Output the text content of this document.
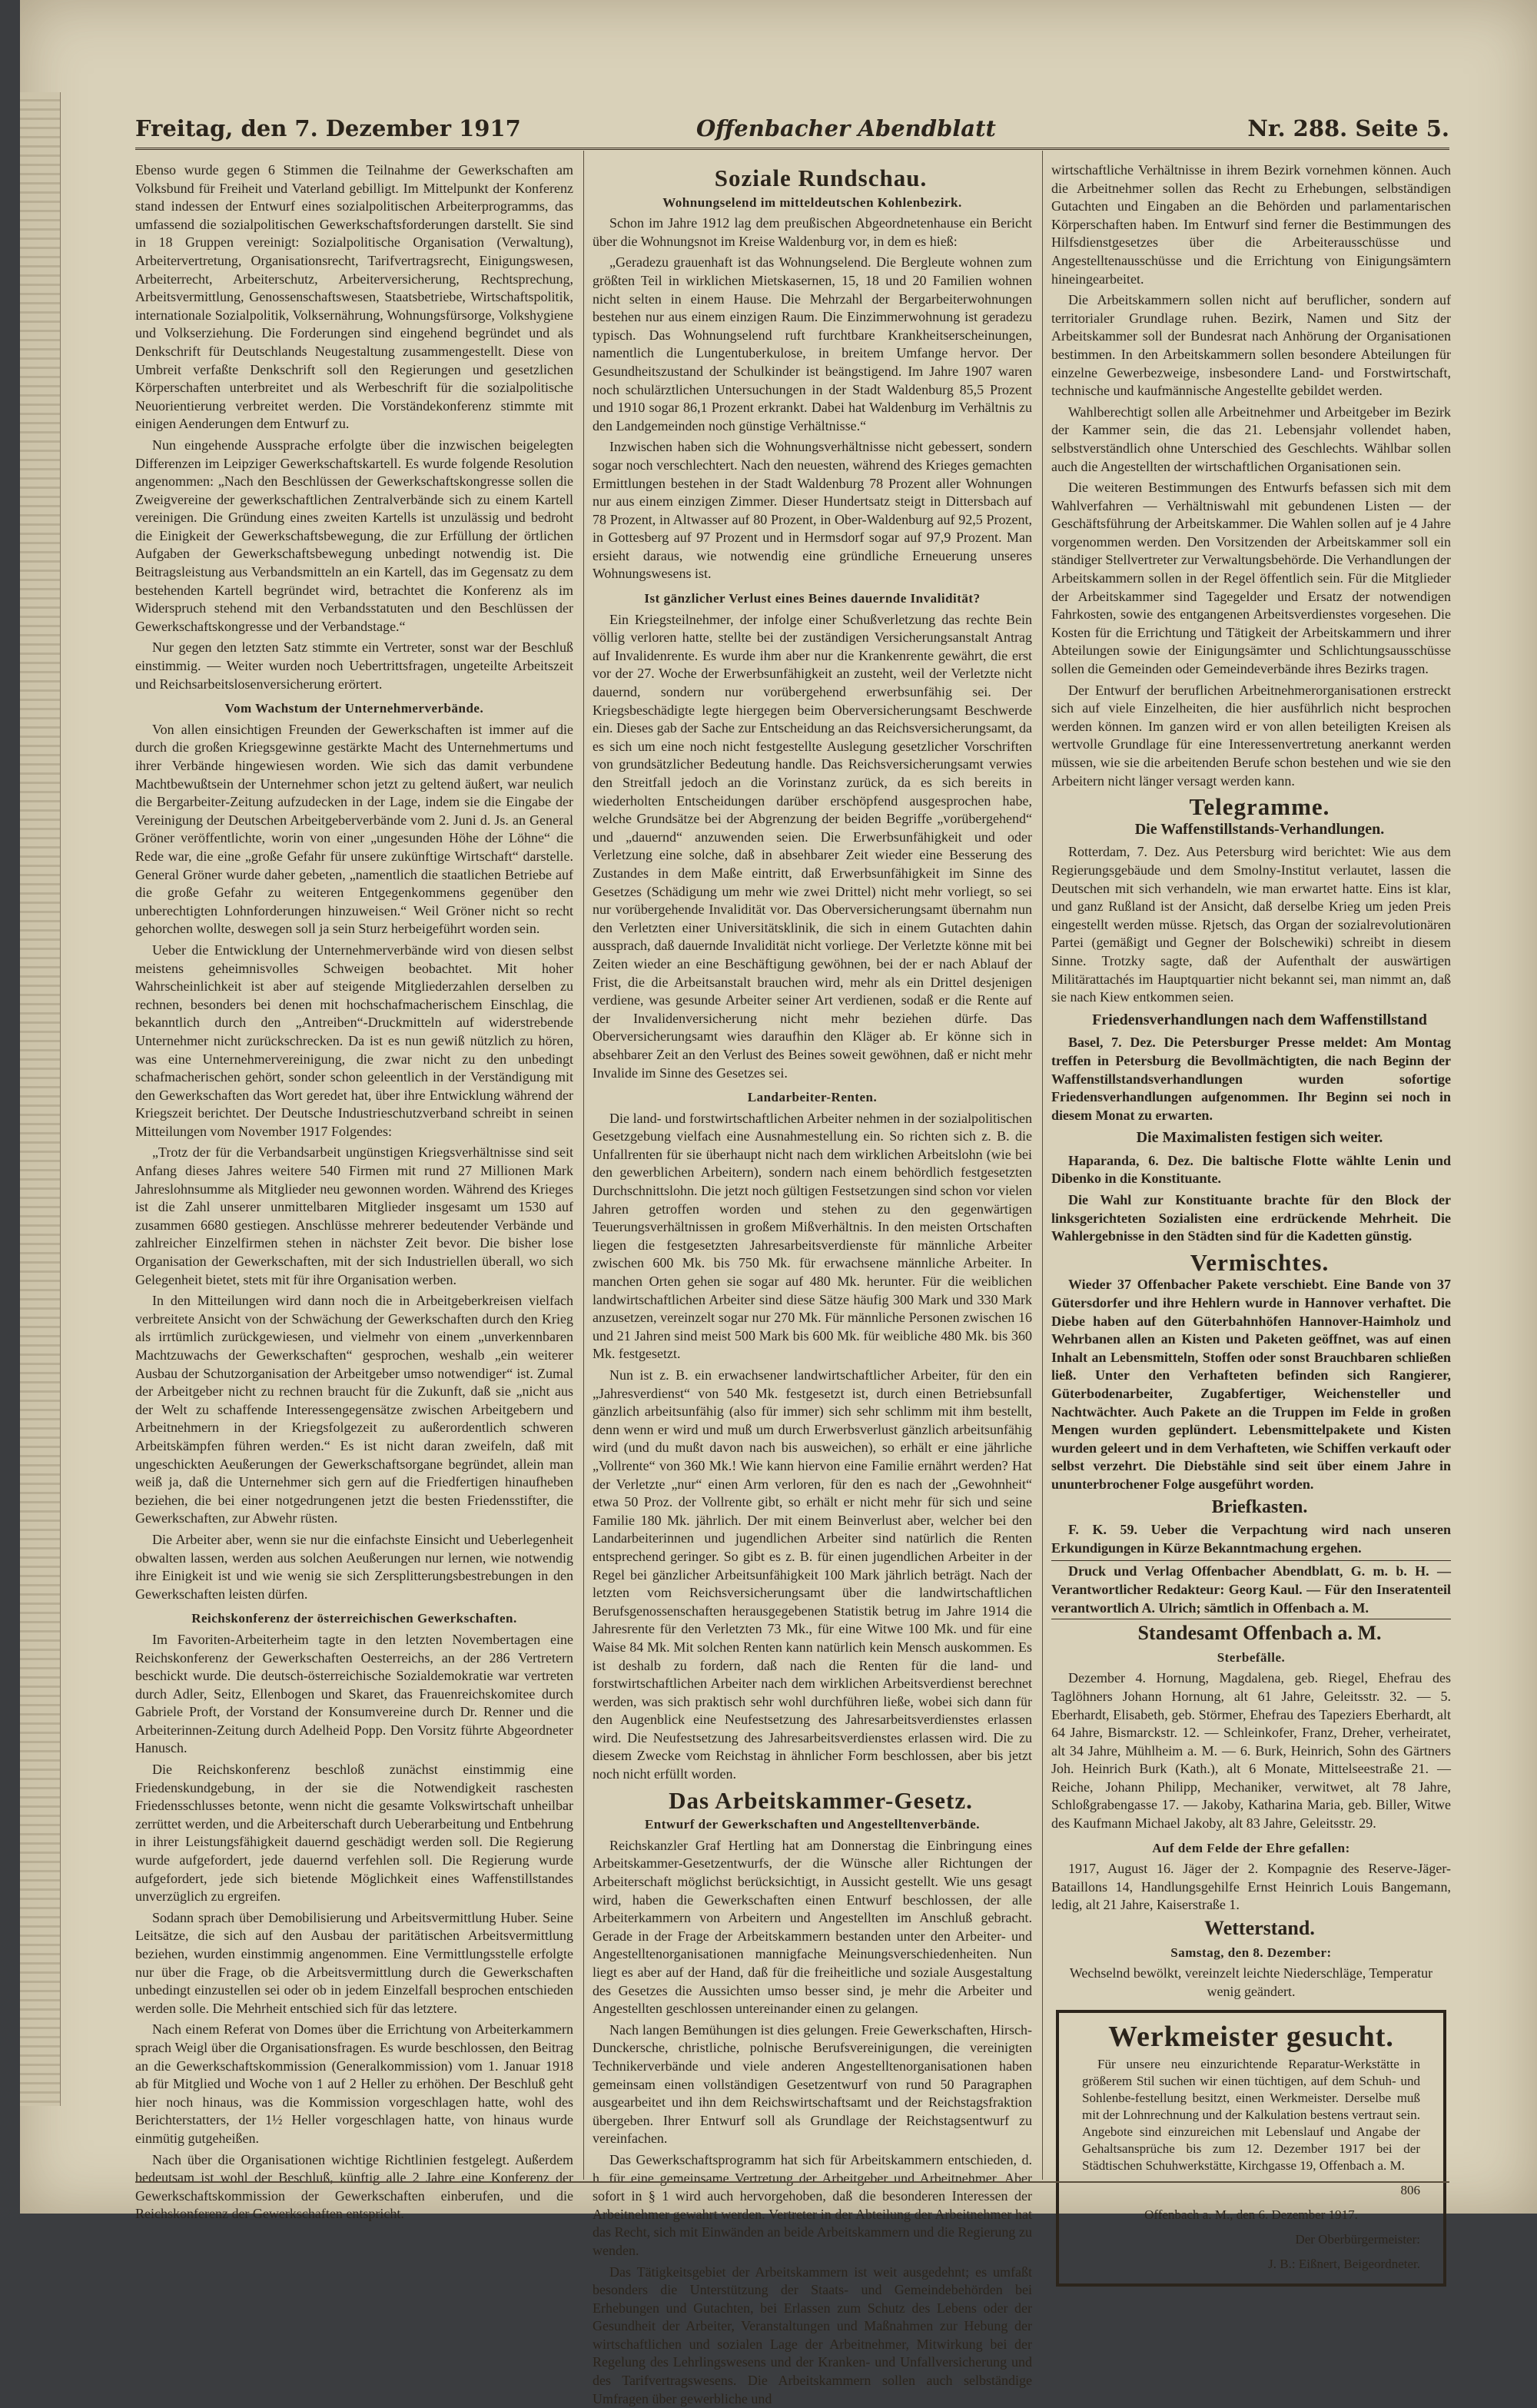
Freitag, den 7. Dezember 1917	Offenbacher Abendblatt	Nr. 288. Seite 5.

Ebenso wurde gegen 6 Stimmen die Teilnahme der Gewerkschaften am Volksbund für Freiheit und Vaterland gebilligt. Im Mittelpunkt der Konferenz stand indessen der Entwurf eines sozialpolitischen Arbeiterprogramms, das umfassend die sozialpolitischen Gewerkschaftsforderungen darstellt. Sie sind in 18 Gruppen vereinigt: Sozialpolitische Organisation (Verwaltung), Arbeitervertretung, Organisationsrecht, Tarifvertragsrecht, Einigungswesen, Arbeiterrecht, Arbeiterschutz, Arbeiterversicherung, Rechtsprechung, Arbeitsvermittlung, Genossenschaftswesen, Staatsbetriebe, Wirtschaftspolitik, internationale Sozialpolitik, Volksernährung, Wohnungsfürsorge, Volkshygiene und Volkserziehung. Die Forderungen sind eingehend begründet und als Denkschrift für Deutschlands Neugestaltung zusammengestellt. Diese von Umbreit verfaßte Denkschrift soll den Regierungen und gesetzlichen Körperschaften unterbreitet und als Werbeschrift für die sozialpolitische Neuorientierung verbreitet werden. Die Vorständekonferenz stimmte mit einigen Aenderungen dem Entwurf zu.

Nun eingehende Aussprache erfolgte über die inzwischen beigelegten Differenzen im Leipziger Gewerkschaftskartell. Es wurde folgende Resolution angenommen: „Nach den Beschlüssen der Gewerkschaftskongresse sollen die Zweigvereine der gewerkschaftlichen Zentralverbände sich zu einem Kartell vereinigen. Die Gründung eines zweiten Kartells ist unzulässig und bedroht die Einigkeit der Gewerkschaftsbewegung, die zur Erfüllung der örtlichen Aufgaben der Gewerkschaftsbewegung unbedingt notwendig ist. Die Beitragsleistung aus Verbandsmitteln an ein Kartell, das im Gegensatz zu dem bestehenden Kartell begründet wird, betrachtet die Konferenz als im Widerspruch stehend mit den Verbandsstatuten und den Beschlüssen der Gewerkschaftskongresse und der Verbandstage.“

Nur gegen den letzten Satz stimmte ein Vertreter, sonst war der Beschluß einstimmig. — Weiter wurden noch Uebertrittsfragen, ungeteilte Arbeitszeit und Reichsarbeitslosenversicherung erörtert.

Vom Wachstum der Unternehmerverbände.

Von allen einsichtigen Freunden der Gewerkschaften ist immer auf die durch die großen Kriegsgewinne gestärkte Macht des Unternehmertums und ihrer Verbände hingewiesen worden. Wie sich das damit verbundene Machtbewußtsein der Unternehmer schon jetzt zu geltend äußert, war neulich die Bergarbeiter-Zeitung aufzudecken in der Lage, indem sie die Eingabe der Vereinigung der Deutschen Arbeitgeberverbände vom 2. Juni d. Js. an General Gröner veröffentlichte, worin von einer „ungesunden Höhe der Löhne“ die Rede war, die eine „große Gefahr für unsere zukünftige Wirtschaft“ darstelle. General Gröner wurde daher gebeten, „namentlich die staatlichen Betriebe auf die große Gefahr zu weiteren Entgegenkommens gegenüber den unberechtigten Lohnforderungen hinzuweisen.“ Weil Gröner nicht so recht gehorchen wollte, deswegen soll ja sein Sturz herbeigeführt worden sein.

Ueber die Entwicklung der Unternehmerverbände wird von diesen selbst meistens geheimnisvolles Schweigen beobachtet. Mit hoher Wahrscheinlichkeit ist aber auf steigende Mitgliederzahlen derselben zu rechnen, besonders bei denen mit hochschafmacherischem Einschlag, die bekanntlich durch den „Antreiben“-Druckmitteln auf widerstrebende Unternehmer nicht zurückschrecken. Da ist es nun gewiß nützlich zu hören, was eine Unternehmervereinigung, die zwar nicht zu den unbedingt schafmacherischen gehört, sonder schon geleentlich in der Verständigung mit den Gewerkschaften das Wort geredet hat, über ihre Entwicklung während der Kriegszeit berichtet. Der Deutsche Industrieschutzverband schreibt in seinen Mitteilungen vom November 1917 Folgendes:

„Trotz der für die Verbandsarbeit ungünstigen Kriegsverhältnisse sind seit Anfang dieses Jahres weitere 540 Firmen mit rund 27 Millionen Mark Jahreslohnsumme als Mitglieder neu gewonnen worden. Während des Krieges ist die Zahl unserer unmittelbaren Mitglieder insgesamt um 1530 auf zusammen 6680 gestiegen. Anschlüsse mehrerer bedeutender Verbände und zahlreicher Einzelfirmen stehen in nächster Zeit bevor. Die bisher lose Organisation der Gewerkschaften, mit der sich Industriellen überall, wo sich Gelegenheit bietet, stets mit für ihre Organisation werben.

In den Mitteilungen wird dann noch die in Arbeitgeberkreisen vielfach verbreitete Ansicht von der Schwächung der Gewerkschaften durch den Krieg als irrtümlich zurückgewiesen, und vielmehr von einem „unverkennbaren Machtzuwachs der Gewerkschaften“ gesprochen, weshalb „ein weiterer Ausbau der Schutzorganisation der Arbeitgeber umso notwendiger“ ist. Zumal der Arbeitgeber nicht zu rechnen braucht für die Zukunft, daß sie „nicht aus der Welt zu schaffende Interessengegensätze zwischen Arbeitgebern und Arbeitnehmern in der Kriegsfolgezeit zu außerordentlich schweren Arbeitskämpfen führen werden.“ Es ist nicht daran zweifeln, daß mit ungeschickten Aeußerungen der Gewerkschaftsorgane begründet, allein man weiß ja, daß die Unternehmer sich gern auf die Friedfertigen hinaufheben beziehen, die bei einer notgedrungenen jetzt die besten Friedensstifter, die Gewerkschaften, zur Abwehr rüsten.

Die Arbeiter aber, wenn sie nur die einfachste Einsicht und Ueberlegenheit obwalten lassen, werden aus solchen Aeußerungen nur lernen, wie notwendig ihre Einigkeit ist und wie wenig sie sich Zersplitterungsbestrebungen in den Gewerkschaften leisten dürfen.

Reichskonferenz der österreichischen Gewerkschaften.

Im Favoriten-Arbeiterheim tagte in den letzten Novembertagen eine Reichskonferenz der Gewerkschaften Oesterreichs, an der 286 Vertretern beschickt wurde. Die deutsch-österreichische Sozialdemokratie war vertreten durch Adler, Seitz, Ellenbogen und Skaret, das Frauenreichskomitee durch Gabriele Proft, der Vorstand der Konsumvereine durch Dr. Renner und die Arbeiterinnen-Zeitung durch Adelheid Popp. Den Vorsitz führte Abgeordneter Hanusch.

Die Reichskonferenz beschloß zunächst einstimmig eine Friedenskundgebung, in der sie die Notwendigkeit raschesten Friedensschlusses betonte, wenn nicht die gesamte Volkswirtschaft unheilbar zerrüttet werden, und die Arbeiterschaft durch Ueberarbeitung und Entbehrung in ihrer Leistungsfähigkeit dauernd geschädigt werden soll. Die Regierung wurde aufgefordert, jede dauernd verfehlen soll. Die Regierung wurde aufgefordert, jede sich bietende Möglichkeit eines Waffenstillstandes unverzüglich zu ergreifen.

Sodann sprach über Demobilisierung und Arbeitsvermittlung Huber. Seine Leitsätze, die sich auf den Ausbau der paritätischen Arbeitsvermittlung beziehen, wurden einstimmig angenommen. Eine Vermittlungsstelle erfolgte nur über die Frage, ob die Arbeitsvermittlung durch die Gewerkschaften unbedingt einzustellen sei oder ob in jedem Einzelfall besprochen entschieden werden solle. Die Mehrheit entschied sich für das letztere.

Nach einem Referat von Domes über die Errichtung von Arbeiterkammern sprach Weigl über die Organisationsfragen. Es wurde beschlossen, den Beitrag an die Gewerkschaftskommission (Generalkommission) vom 1. Januar 1918 ab für Mitglied und Woche von 1 auf 2 Heller zu erhöhen. Der Beschluß geht hier noch hinaus, was die Kommission vorgeschlagen hatte, wohl des Berichterstatters, der 1½ Heller vorgeschlagen hatte, von hinaus wurde einmütig gutgeheißen.

Nach über die Organisationen wichtige Richtlinien festgelegt. Außerdem bedeutsam ist wohl der Beschluß, künftig alle 2 Jahre eine Konferenz der Gewerkschaftskommission der Gewerkschaften einberufen, und die Reichskonferenz der Gewerkschaften entspricht.

Soziale Rundschau.

Wohnungselend im mitteldeutschen Kohlenbezirk.

Schon im Jahre 1912 lag dem preußischen Abgeordnetenhause ein Bericht über die Wohnungsnot im Kreise Waldenburg vor, in dem es hieß:

„Geradezu grauenhaft ist das Wohnungselend. Die Bergleute wohnen zum größten Teil in wirklichen Mietskasernen, 15, 18 und 20 Familien wohnen nicht selten in einem Hause. Die Mehrzahl der Bergarbeiterwohnungen bestehen nur aus einem einzigen Raum. Die Einzimmerwohnung ist geradezu typisch. Das Wohnungselend ruft furchtbare Krankheitserscheinungen, namentlich die Lungentuberkulose, in breitem Umfange hervor. Der Gesundheitszustand der Schulkinder ist beängstigend. Im Jahre 1907 waren noch schulärztlichen Untersuchungen in der Stadt Waldenburg 85,5 Prozent und 1910 sogar 86,1 Prozent erkrankt. Dabei hat Waldenburg im Verhältnis zu den Landgemeinden noch günstige Verhältnisse.“

Inzwischen haben sich die Wohnungsverhältnisse nicht gebessert, sondern sogar noch verschlechtert. Nach den neuesten, während des Krieges gemachten Ermittlungen bestehen in der Stadt Waldenburg 78 Prozent aller Wohnungen nur aus einem einzigen Zimmer. Dieser Hundertsatz steigt in Dittersbach auf 78 Prozent, in Altwasser auf 80 Prozent, in Ober-Waldenburg auf 92,5 Prozent, in Gottesberg auf 97 Prozent und in Hermsdorf sogar auf 97,9 Prozent. Man ersieht daraus, wie notwendig eine gründliche Erneuerung unseres Wohnungswesens ist.

Ist gänzlicher Verlust eines Beines dauernde Invalidität?

Ein Kriegsteilnehmer, der infolge einer Schußverletzung das rechte Bein völlig verloren hatte, stellte bei der zuständigen Versicherungsanstalt Antrag auf Invalidenrente. Es wurde ihm aber nur die Krankenrente gewährt, die erst vor der 27. Woche der Erwerbsunfähigkeit an zusteht, weil der Verletzte nicht dauernd, sondern nur vorübergehend erwerbsunfähig sei. Der Kriegsbeschädigte legte hiergegen beim Oberversicherungsamt Beschwerde ein. Dieses gab der Sache zur Entscheidung an das Reichsversicherungsamt, da es sich um eine noch nicht festgestellte Auslegung gesetzlicher Vorschriften von grundsätzlicher Bedeutung handle. Das Reichsversicherungsamt verwies den Streitfall jedoch an die Vorinstanz zurück, da es sich bereits in wiederholten Entscheidungen darüber erschöpfend ausgesprochen habe, welche Grundsätze bei der Abgrenzung der beiden Begriffe „vorübergehend“ und „dauernd“ anzuwenden seien. Die Erwerbsunfähigkeit und oder Verletzung eine solche, daß in absehbarer Zeit wieder eine Besserung des Zustandes in dem Maße eintritt, daß Erwerbsunfähigkeit im Sinne des Gesetzes (Schädigung um mehr wie zwei Drittel) nicht mehr vorliegt, so sei nur vorübergehende Invalidität vor. Das Oberversicherungsamt übernahm nun den Verletzten einer Universitätsklinik, die sich in einem Gutachten dahin aussprach, daß dauernde Invalidität nicht vorliege. Der Verletzte könne mit bei Zeiten wieder an eine Beschäftigung gewöhnen, bei der er nach Ablauf der Frist, die die Arbeitsanstalt brauchen wird, mehr als ein Drittel desjenigen verdiene, was gesunde Arbeiter seiner Art verdienen, sodaß er die Rente auf der Invalidenversicherung nicht mehr beziehen dürfe. Das Oberversicherungsamt wies daraufhin den Kläger ab. Er könne sich in absehbarer Zeit an den Verlust des Beines soweit gewöhnen, daß er nicht mehr Invalide im Sinne des Gesetzes sei.

Landarbeiter-Renten.

Die land- und forstwirtschaftlichen Arbeiter nehmen in der sozialpolitischen Gesetzgebung vielfach eine Ausnahmestellung ein. So richten sich z. B. die Unfallrenten für sie überhaupt nicht nach dem wirklichen Arbeitslohn (wie bei den gewerblichen Arbeitern), sondern nach einem behördlich festgesetzten Durchschnittslohn. Die jetzt noch gültigen Festsetzungen sind schon vor vielen Jahren getroffen worden und stehen zu den gegenwärtigen Teuerungsverhältnissen in großem Mißverhältnis. In den meisten Ortschaften liegen die festgesetzten Jahresarbeitsverdienste für männliche Arbeiter zwischen 600 Mk. bis 750 Mk. für erwachsene männliche Arbeiter. In manchen Orten gehen sie sogar auf 480 Mk. herunter. Für die weiblichen landwirtschaftlichen Arbeiter sind diese Sätze häufig 300 Mark und 330 Mark anzusetzen, vereinzelt sogar nur 270 Mk. Für männliche Personen zwischen 16 und 21 Jahren sind meist 500 Mark bis 600 Mk. für weibliche 480 Mk. bis 360 Mk. festgesetzt.

Nun ist z. B. ein erwachsener landwirtschaftlicher Arbeiter, für den ein „Jahresverdienst“ von 540 Mk. festgesetzt ist, durch einen Betriebsunfall gänzlich arbeitsunfähig (also für immer) sich sehr schlimm mit ihm bestellt, denn wenn er wird und muß um durch Erwerbsverlust gänzlich arbeitsunfähig wird (und du mußt davon nach bis ausweichen), so erhält er eine jährliche „Vollrente“ von 360 Mk.! Wie kann hiervon eine Familie ernährt werden? Hat der Verletzte „nur“ einen Arm verloren, für den es nach der „Gewohnheit“ etwa 50 Proz. der Vollrente gibt, so erhält er nicht mehr für sich und seine Familie 180 Mk. jährlich. Der mit einem Beinverlust aber, welcher bei den Landarbeiterinnen und jugendlichen Arbeiter sind natürlich die Renten entsprechend geringer. So gibt es z. B. für einen jugendlichen Arbeiter in der Regel bei gänzlicher Arbeitsunfähigkeit 100 Mark jährlich beträgt. Nach der letzten vom Reichsversicherungsamt über die landwirtschaftlichen Berufsgenossenschaften herausgegebenen Statistik betrug im Jahre 1914 die Jahresrente für den Verletzten 73 Mk., für eine Witwe 100 Mk. und für eine Waise 84 Mk. Mit solchen Renten kann natürlich kein Mensch auskommen. Es ist deshalb zu fordern, daß nach die Renten für die land- und forstwirtschaftlichen Arbeiter nach dem wirklichen Arbeitsverdienst berechnet werden, was sich praktisch sehr wohl durchführen ließe, wobei sich dann für den Augenblick eine Neufestsetzung des Jahresarbeitsverdienstes erlassen wird. Die Neufestsetzung des Jahresarbeitsverdienstes erlassen wird. Die zu diesem Zwecke vom Reichstag in ähnlicher Form beschlossen, aber bis jetzt noch nicht erfüllt worden.

Das Arbeitskammer-Gesetz.

Entwurf der Gewerkschaften und Angestelltenverbände.

Reichskanzler Graf Hertling hat am Donnerstag die Einbringung eines Arbeitskammer-Gesetzentwurfs, der die Wünsche aller Richtungen der Arbeiterschaft möglichst berücksichtigt, in Aussicht gestellt. Wie uns gesagt wird, haben die Gewerkschaften einen Entwurf beschlossen, der alle Arbeiterkammern von Arbeitern und Angestellten im Anschluß gebracht. Gerade in der Frage der Arbeitskammern bestanden unter den Arbeiter- und Angestelltenorganisationen mannigfache Meinungsverschiedenheiten. Nun liegt es aber auf der Hand, daß für die freiheitliche und soziale Ausgestaltung des Gesetzes die Aussichten umso besser sind, je mehr die Arbeiter und Angestellten geschlossen untereinander einen zu gelangen.

Nach langen Bemühungen ist dies gelungen. Freie Gewerkschaften, Hirsch-Dunckersche, christliche, polnische Berufsvereinigungen, die vereinigten Technikerverbände und viele anderen Angestelltenorganisationen haben gemeinsam einen vollständigen Gesetzentwurf von rund 50 Paragraphen ausgearbeitet und ihn dem Reichswirtschaftsamt und der Reichstagsfraktion übergeben. Ihrer Entwurf soll als Grundlage der Reichstagsentwurf zu vereinfachen.

Das Gewerkschaftsprogramm hat sich für Arbeitskammern entschieden, d. h. für eine gemeinsame Vertretung der Arbeitgeber und Arbeitnehmer. Aber sofort in § 1 wird auch hervorgehoben, daß die besonderen Interessen der Arbeitnehmer gewahrt werden. Vertreter in der Abteilung der Arbeitnehmer hat das Recht, sich mit Einwänden an beide Arbeitskammern und die Regierung zu wenden.

Das Tätigkeitsgebiet der Arbeitskammern ist weit ausgedehnt; es umfaßt besonders die Unterstützung der Staats- und Gemeindebehörden bei Erhebungen und Gutachten, bei Erlassen zum Schutz des Lebens oder der Gesundheit der Arbeiter, Veranstaltungen und Maßnahmen zur Hebung der wirtschaftlichen und sozialen Lage der Arbeitnehmer, Mitwirkung bei der Regelung des Lehrlingswesens und der Kranken- und Unfallversicherung und des Tarifvertragswesens. Die Arbeitskammern sollen auch selbständige Umfragen über gewerbliche und

wirtschaftliche Verhältnisse in ihrem Bezirk vornehmen können. Auch die Arbeitnehmer sollen das Recht zu Erhebungen, selbständigen Gutachten und Eingaben an die Behörden und parlamentarischen Körperschaften haben. Im Entwurf sind ferner die Bestimmungen des Hilfsdienstgesetzes über die Arbeiterausschüsse und Angestelltenausschüsse und die Errichtung von Einigungsämtern hineingearbeitet.

Die Arbeitskammern sollen nicht auf beruflicher, sondern auf territorialer Grundlage ruhen. Bezirk, Namen und Sitz der Arbeitskammer soll der Bundesrat nach Anhörung der Organisationen bestimmen. In den Arbeitskammern sollen besondere Abteilungen für einzelne Gewerbezweige, insbesondere Land- und Forstwirtschaft, technische und kaufmännische Angestellte gebildet werden.

Wahlberechtigt sollen alle Arbeitnehmer und Arbeitgeber im Bezirk der Kammer sein, die das 21. Lebensjahr vollendet haben, selbstverständlich ohne Unterschied des Geschlechts. Wählbar sollen auch die Angestellten der wirtschaftlichen Organisationen sein.

Die weiteren Bestimmungen des Entwurfs befassen sich mit dem Wahlverfahren — Verhältniswahl mit gebundenen Listen — der Geschäftsführung der Arbeitskammer. Die Wahlen sollen auf je 4 Jahre vorgenommen werden. Den Vorsitzenden der Arbeitskammer soll ein ständiger Stellvertreter zur Verwaltungsbehörde. Die Verhandlungen der Arbeitskammern sollen in der Regel öffentlich sein. Für die Mitglieder der Arbeitskammer sind Tagegelder und Ersatz der notwendigen Fahrkosten, sowie des entgangenen Arbeitsverdienstes vorgesehen. Die Kosten für die Errichtung und Tätigkeit der Arbeitskammern und ihrer Abteilungen sowie der Einigungsämter und Schlichtungsausschüsse sollen die Gemeinden oder Gemeindeverbände ihres Bezirks tragen.

Der Entwurf der beruflichen Arbeitnehmerorganisationen erstreckt sich auf viele Einzelheiten, die hier ausführlich nicht besprochen werden können. Im ganzen wird er von allen beteiligten Kreisen als wertvolle Grundlage für eine Interessenvertretung anerkannt werden müssen, wie sie die arbeitenden Berufe schon bestehen und wie sie den Arbeitern nicht länger versagt werden kann.

Telegramme.

Die Waffenstillstands-Verhandlungen.

Rotterdam, 7. Dez. Aus Petersburg wird berichtet: Wie aus dem Regierungsgebäude und dem Smolny-Institut verlautet, lassen die Deutschen mit sich verhandeln, wie man erwartet hatte. Eins ist klar, und ganz Rußland ist der Ansicht, daß derselbe Krieg um jeden Preis eingestellt werden müsse. Rjetsch, das Organ der sozialrevolutionären Partei (gemäßigt und Gegner der Bolschewiki) schreibt in diesem Sinne. Trotzky sagte, daß der Aufenthalt der auswärtigen Militärattachés im Hauptquartier nicht bekannt sei, man nimmt an, daß sie nach Kiew entkommen seien.

Friedensverhandlungen nach dem Waffenstillstand

Basel, 7. Dez. Die Petersburger Presse meldet: Am Montag treffen in Petersburg die Bevollmächtigten, die nach Beginn der Waffenstillstandsverhandlungen wurden sofortige Friedensverhandlungen aufgenommen. Ihr Beginn sei noch in diesem Monat zu erwarten.

Die Maximalisten festigen sich weiter.

Haparanda, 6. Dez. Die baltische Flotte wählte Lenin und Dibenko in die Konstituante.

Die Wahl zur Konstituante brachte für den Block der linksgerichteten Sozialisten eine erdrückende Mehrheit. Die Wahlergebnisse in den Städten sind für die Kadetten günstig.

Vermischtes.

Wieder 37 Offenbacher Pakete verschiebt. Eine Bande von 37 Gütersdorfer und ihre Hehlern wurde in Hannover verhaftet. Die Diebe haben auf den Güterbahnhöfen Hannover-Haimholz und Wehrbanen allen an Kisten und Paketen geöffnet, was auf einen Inhalt an Lebensmitteln, Stoffen oder sonst Brauchbaren schließen ließ. Unter den Verhafteten befinden sich Rangierer, Güterbodenarbeiter, Zugabfertiger, Weichensteller und Nachtwächter. Auch Pakete an die Truppen im Felde in großen Mengen wurden geplündert. Lebensmittelpakete und Kisten wurden geleert und in dem Verhafteten, wie Schiffen verkauft oder selbst verzehrt. Die Diebstähle sind seit über einem Jahre in ununterbrochener Folge ausgeführt worden.

Briefkasten.

F. K. 59. Ueber die Verpachtung wird nach unseren Erkundigungen in Kürze Bekanntmachung ergehen.

Druck und Verlag Offenbacher Abendblatt, G. m. b. H. — Verantwortlicher Redakteur: Georg Kaul. — Für den Inseratenteil verantwortlich A. Ulrich; sämtlich in Offenbach a. M.

Standesamt Offenbach a. M.

Sterbefälle.

Dezember 4. Hornung, Magdalena, geb. Riegel, Ehefrau des Taglöhners Johann Hornung, alt 61 Jahre, Geleitsstr. 32. — 5. Eberhardt, Elisabeth, geb. Störmer, Ehefrau des Tapeziers Eberhardt, alt 64 Jahre, Bismarckstr. 12. — Schleinkofer, Franz, Dreher, verheiratet, alt 34 Jahre, Mühlheim a. M. — 6. Burk, Heinrich, Sohn des Gärtners Joh. Heinrich Burk (Kath.), alt 6 Monate, Mittelseestraße 21. — Reiche, Johann Philipp, Mechaniker, verwitwet, alt 78 Jahre, Schloßgrabengasse 17. — Jakoby, Katharina Maria, geb. Biller, Witwe des Kaufmann Michael Jakoby, alt 83 Jahre, Geleitsstr. 29.

Auf dem Felde der Ehre gefallen:

1917, August 16. Jäger der 2. Kompagnie des Reserve-Jäger-Bataillons 14, Handlungsgehilfe Ernst Heinrich Louis Bangemann, ledig, alt 21 Jahre, Kaiserstraße 1.

Wetterstand.

Samstag, den 8. Dezember:

Wechselnd bewölkt, vereinzelt leichte Niederschläge, Temperatur wenig geändert.

Werkmeister gesucht.
Für unsere neu einzurichtende Reparatur-Werkstätte in größerem Stil suchen wir einen tüchtigen, auf dem Schuh- und Sohlenbe-festellung besitzt, einen Werkmeister. Derselbe muß mit der Lohnrechnung und der Kalkulation bestens vertraut sein. Angebote sind einzureichen mit Lebenslauf und Angabe der Gehaltsansprüche bis zum 12. Dezember 1917 bei der Städtischen Schuhwerkstätte, Kirchgasse 19, Offenbach a. M.
806
Offenbach a. M., den 6. Dezember 1917.
Der Oberbürgermeister:
J. B.: Eißnert, Beigeordneter.
